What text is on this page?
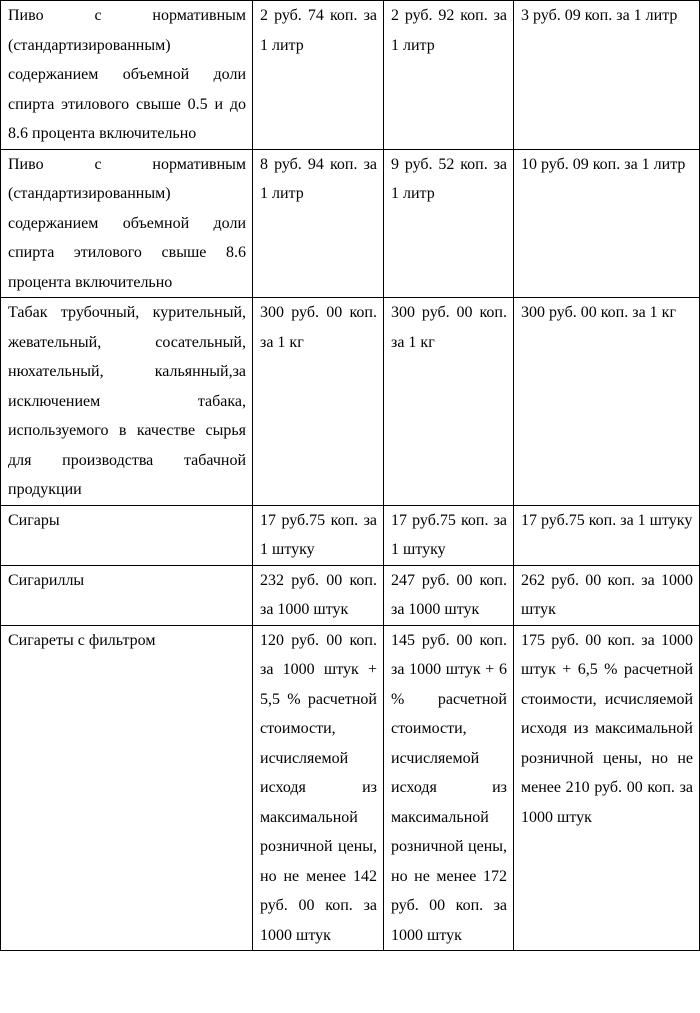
Пиво с нормативным (стандартизированным) содержанием объемной доли спирта этилового свыше 0.5 и до 8.6 процента включительно	2 руб. 74 коп. за 1 литр	2 руб. 92 коп. за 1 литр	3 руб. 09 коп. за 1 литр
Пиво с нормативным (стандартизированным) содержанием объемной доли спирта этилового свыше 8.6 процента включительно	8 руб. 94 коп. за 1 литр	9 руб. 52 коп. за 1 литр	10 руб. 09 коп. за 1 литр
Табак трубочный, курительный, жевательный, сосательный, нюхательный, кальянный,за исключением табака, используемого в качестве сырья для производства табачной продукции	300 руб. 00 коп. за 1 кг	300 руб. 00 коп. за 1 кг	300 руб. 00 коп. за 1 кг
Сигары	17 руб.75 коп. за 1 штуку	17 руб.75 коп. за 1 штуку	17 руб.75 коп. за 1 штуку
Сигариллы	232 руб. 00 коп. за 1000 штук	247 руб. 00 коп. за 1000 штук	262 руб. 00 коп. за 1000 штук
Сигареты с фильтром	120 руб. 00 коп. за 1000 штук + 5,5 % расчетной стоимости, исчисляемой исходя из максимальной розничной цены, но не менее 142 руб. 00 коп. за 1000 штук	145 руб. 00 коп. за 1000 штук + 6 % расчетной стоимости, исчисляемой исходя из максимальной розничной цены, но не менее 172 руб. 00 коп. за 1000 штук	175 руб. 00 коп. за 1000 штук + 6,5 % расчетной стоимости, исчисляемой исходя из максимальной розничной цены, но не менее 210 руб. 00 коп. за 1000 штук
